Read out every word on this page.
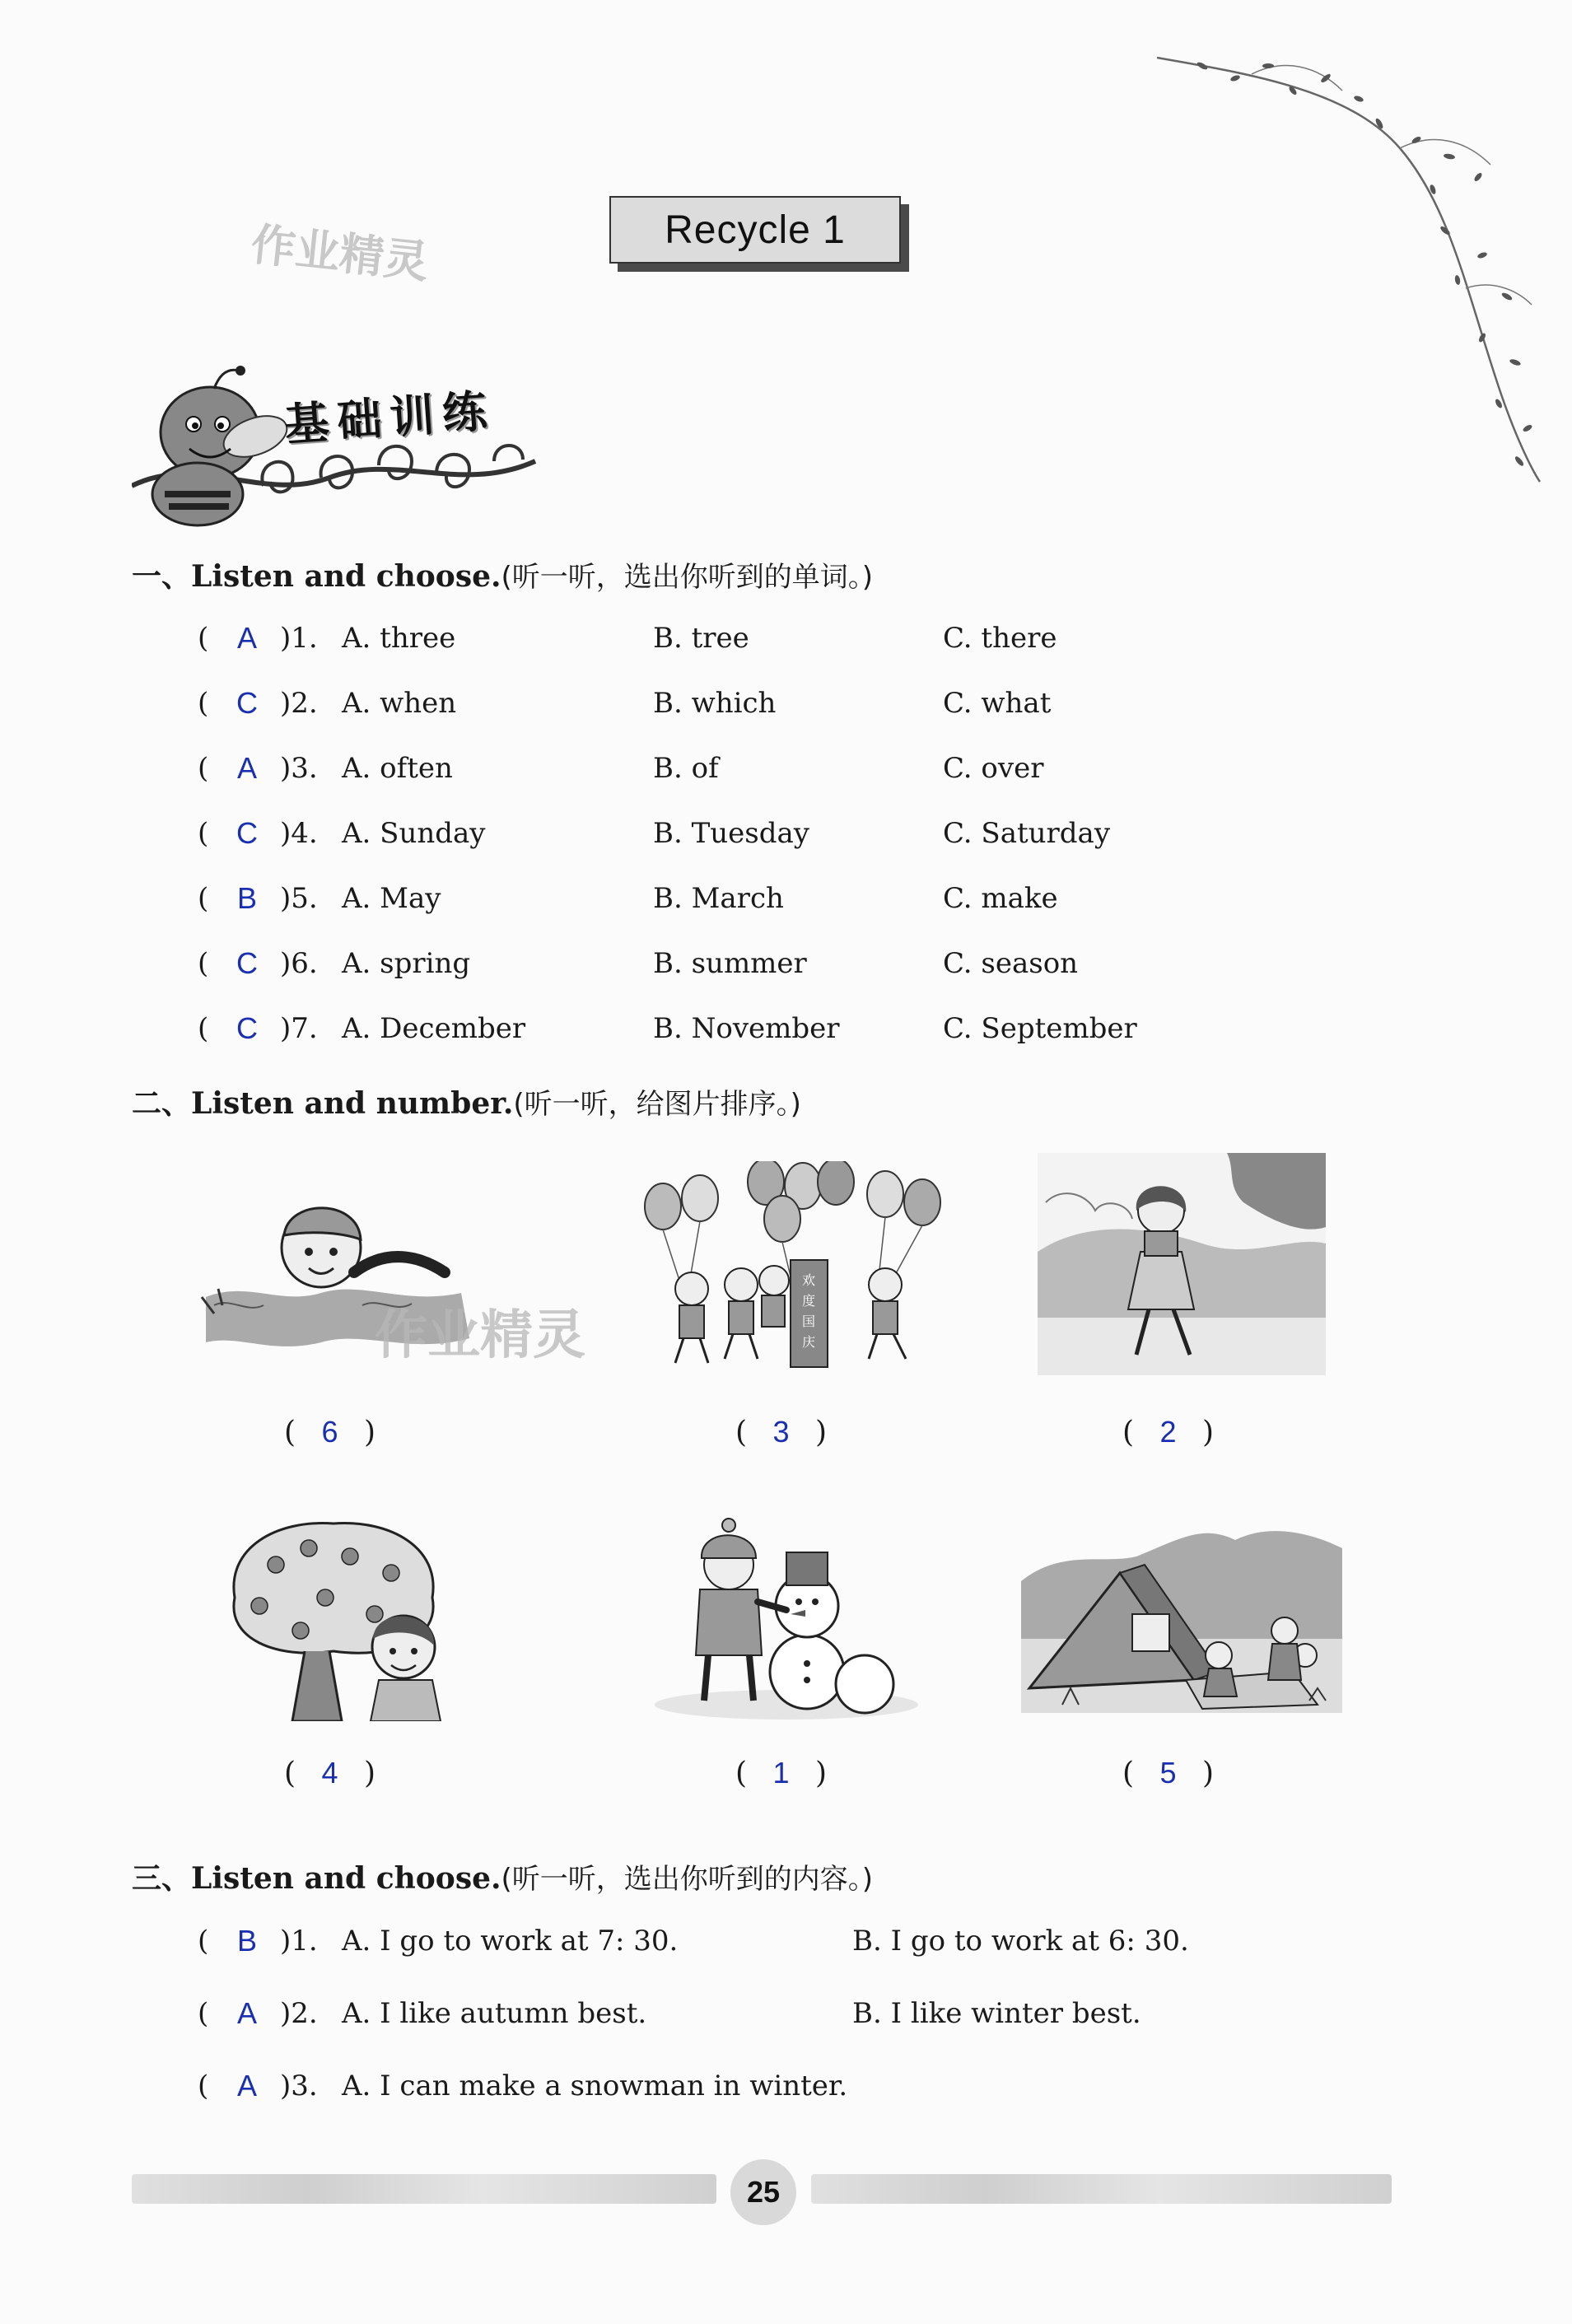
作业精灵	Recycle 1
基础训练
一、Listen and choose.(听一听，选出你听到的单词。)
( A )1. A. three	B. tree	C. there
( C )2. A. when	B. which	C. what
( A )3. A. often	B. of	C. over
( C )4. A. Sunday	B. Tuesday	C. Saturday
( B )5. A. May	B. March	C. make
( C )6. A. spring	B. summer	C. season
( C )7. A. December	B. November	C. September
二、Listen and number.(听一听，给图片排序。)
作业精灵
欢
度
国
庆
( 6 )	( 3 )	( 2 )
( 4 )	( 1 )	( 5 )
三、Listen and choose.(听一听，选出你听到的内容。)
( B )1. A. I go to work at 7: 30.	B. I go to work at 6: 30.
( A )2. A. I like autumn best.	B. I like winter best.
( A )3. A. I can make a snowman in winter.
25
